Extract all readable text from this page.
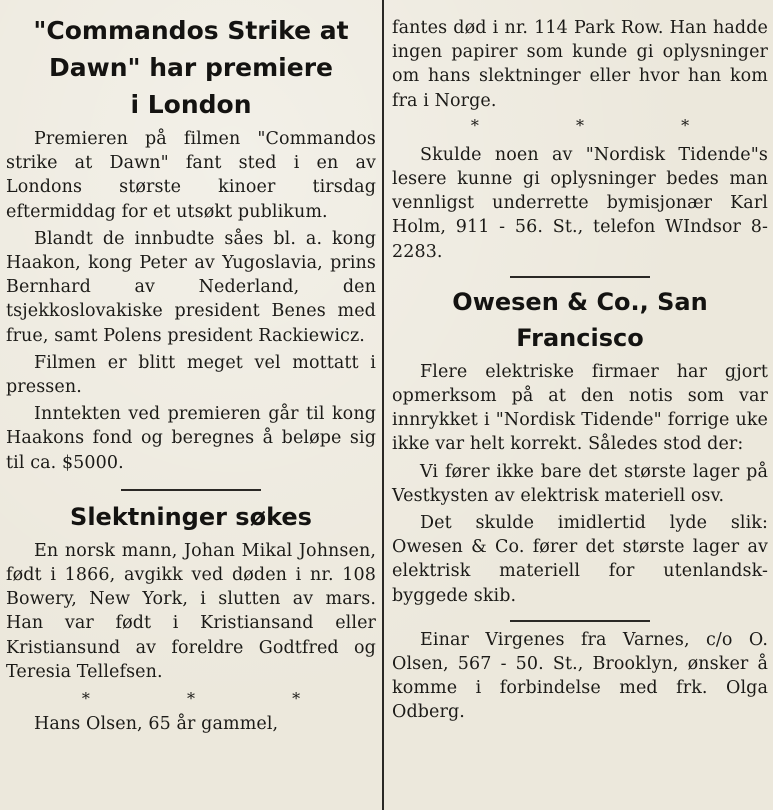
"Commandos Strike at
Dawn" har premiere
i London

Premieren på filmen "Commandos strike at Dawn" fant sted i en av Londons største kinoer tirsdag eftermiddag for et utsøkt publikum.

Blandt de innbudte såes bl. a. kong Haakon, kong Peter av Yugoslavia, prins Bernhard av Nederland, den tsjekkoslovakiske president Benes med frue, samt Polens president Rackiewicz.

Filmen er blitt meget vel mottatt i pressen.

Inntekten ved premieren går til kong Haakons fond og beregnes å beløpe sig til ca. $5000.

Slektninger søkes

En norsk mann, Johan Mikal Johnsen, født i 1866, avgikk ved døden i nr. 108 Bowery, New York, i slutten av mars. Han var født i Kristiansand eller Kristiansund av foreldre Godtfred og Teresia Tellefsen.

* * *

Hans Olsen, 65 år gammel,

fantes død i nr. 114 Park Row. Han hadde ingen papirer som kunde gi oplysninger om hans slektninger eller hvor han kom fra i Norge.

* * *

Skulde noen av "Nordisk Tidende"s lesere kunne gi oplysninger bedes man vennligst underrette bymisjonær Karl Holm, 911 - 56. St., telefon WIndsor 8-2283.

Owesen & Co., San
Francisco

Flere elektriske firmaer har gjort opmerksom på at den notis som var innrykket i "Nordisk Tidende" forrige uke ikke var helt korrekt. Således stod der:

Vi fører ikke bare det største lager på Vestkysten av elektrisk materiell osv.

Det skulde imidlertid lyde slik: Owesen & Co. fører det største lager av elektrisk materiell for utenlandsk-byggede skib.

Einar Virgenes fra Varnes, c/o O. Olsen, 567 - 50. St., Brooklyn, ønsker å komme i forbindelse med frk. Olga Odberg.
